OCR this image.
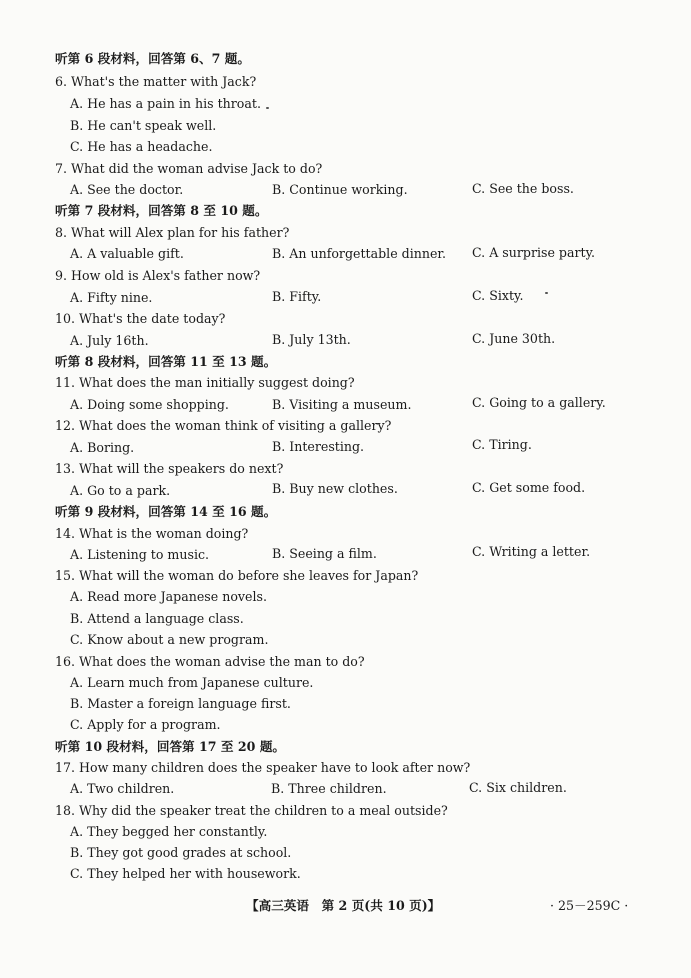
听第 6 段材料，回答第 6、7 题。
6. What's the matter with Jack?
A. He has a pain in his throat.
B. He can't speak well.
C. He has a headache.
7. What did the woman advise Jack to do?
A. See the doctor.	B. Continue working.	C. See the boss.
听第 7 段材料，回答第 8 至 10 题。
8. What will Alex plan for his father?
A. A valuable gift.	B. An unforgettable dinner. C. A surprise party.
9. How old is Alex's father now?
A. Fifty nine.	B. Fifty.	C. Sixty.
10. What's the date today?
A. July 16th.	B. July 13th.	C. June 30th.
听第 8 段材料，回答第 11 至 13 题。
11. What does the man initially suggest doing?
A. Doing some shopping.	B. Visiting a museum.	C. Going to a gallery.
12. What does the woman think of visiting a gallery?
A. Boring.	B. Interesting.	C. Tiring.
13. What will the speakers do next?
A. Go to a park.	B. Buy new clothes.	C. Get some food.
听第 9 段材料，回答第 14 至 16 题。
14. What is the woman doing?
A. Listening to music.	B. Seeing a film.	C. Writing a letter.
15. What will the woman do before she leaves for Japan?
A. Read more Japanese novels.
B. Attend a language class.
C. Know about a new program.
16. What does the woman advise the man to do?
A. Learn much from Japanese culture.
B. Master a foreign language first.
C. Apply for a program.
听第 10 段材料，回答第 17 至 20 题。
17. How many children does the speaker have to look after now?
A. Two children.	B. Three children.	C. Six children.
18. Why did the speaker treat the children to a meal outside?
A. They begged her constantly.
B. They got good grades at school.
C. They helped her with housework.
【高三英语　第 2 页(共 10 页)】	· 25－259C ·
